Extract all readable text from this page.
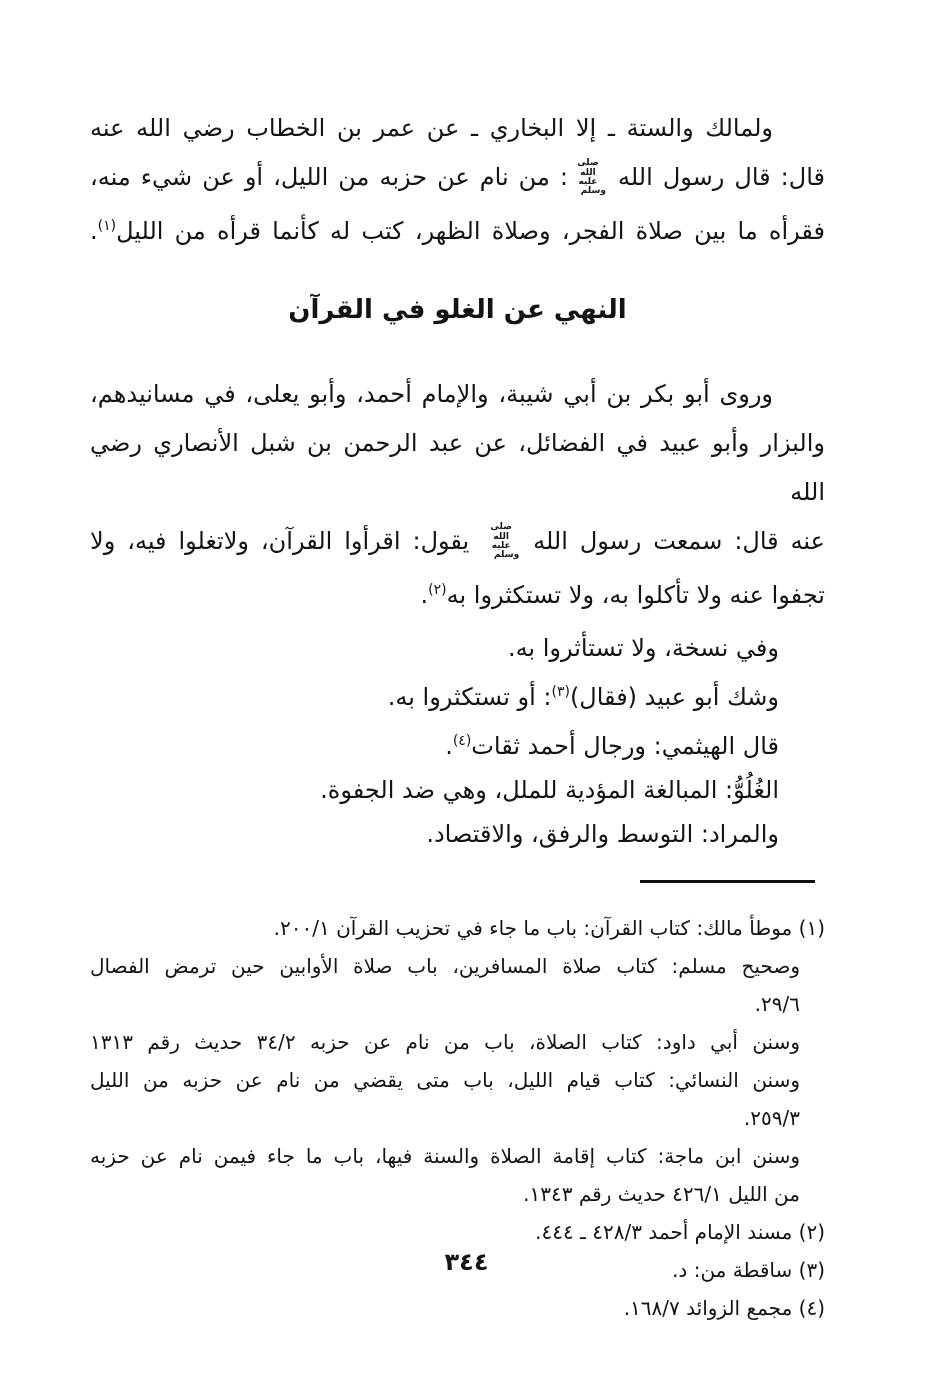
ولمالك والستة ـ إلا البخاري ـ عن عمر بن الخطاب رضي الله عنه
قال: قال رسول الله صلى الله عليه وسلم: من نام عن حزبه من الليل، أو عن شيء منه،
فقرأه ما بين صلاة الفجر، وصلاة الظهر، كتب له كأنما قرأه من الليل$^{(١)}$.
النهي عن الغلو في القرآن
وروى أبو بكر بن أبي شيبة، والإمام أحمد، وأبو يعلى، في مسانيدهم،
والبزار وأبو عبيد في الفضائل، عن عبد الرحمن بن شبل الأنصاري رضي الله
عنه قال: سمعت رسول الله صلى الله عليه وسلم يقول: اقرأوا القرآن، ولاتغلوا فيه، ولا
تجفوا عنه ولا تأكلوا به، ولا تستكثروا به$^{(٢)}$.
وفي نسخة، ولا تستأثروا به.
وشك أبو عبيد (فقال)$^{(٣)}$: أو تستكثروا به.
قال الهيثمي: ورجال أحمد ثقات$^{(٤)}$.
الغُلُوُّ: المبالغة المؤدية للملل، وهي ضد الجفوة.
والمراد: التوسط والرفق، والاقتصاد.
(١) موطأ مالك: كتاب القرآن: باب ما جاء في تحزيب القرآن ٢٠٠/١.
وصحيح مسلم: كتاب صلاة المسافرين، باب صلاة الأوابين حين ترمض الفصال
٢٩/٦.
وسنن أبي داود: كتاب الصلاة، باب من نام عن حزبه ٣٤/٢ حديث رقم ١٣١٣
وسنن النسائي: كتاب قيام الليل، باب متى يقضي من نام عن حزبه من الليل
٢٥٩/٣.
وسنن ابن ماجة: كتاب إقامة الصلاة والسنة فيها، باب ما جاء فيمن نام عن حزبه
من الليل ٤٢٦/١ حديث رقم ١٣٤٣.
(٢) مسند الإمام أحمد ٤٢٨/٣ ـ ٤٤٤.
(٣) ساقطة من: د.
(٤) مجمع الزوائد ١٦٨/٧.
٣٤٤
